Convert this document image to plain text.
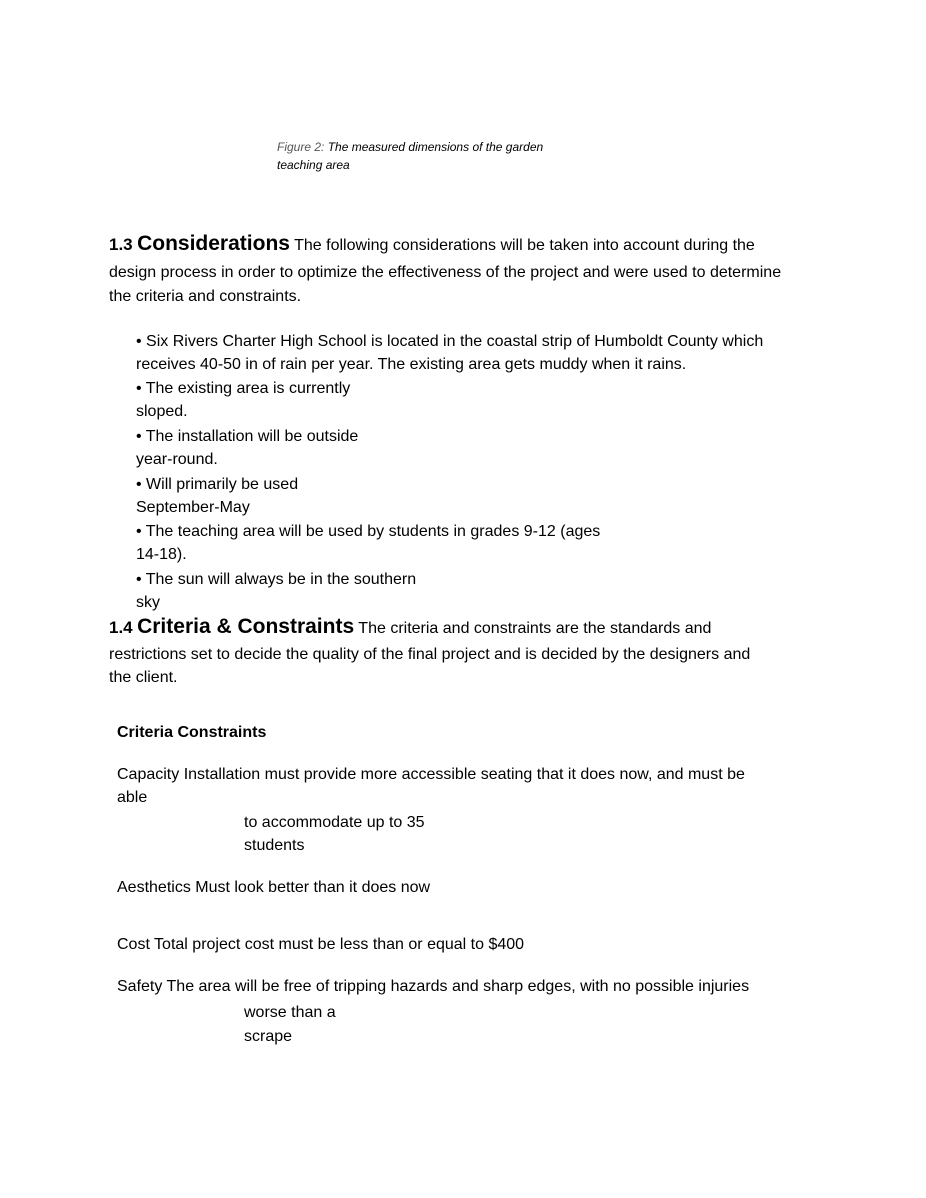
Figure 2: The measured dimensions of the garden
teaching area
1.3 Considerations The following considerations will be taken into account during the
design process in order to optimize the effectiveness of the project and were used to determine
the criteria and constraints.
• Six Rivers Charter High School is located in the coastal strip of Humboldt County which
receives 40-50 in of rain per year. The existing area gets muddy when it rains.
• The existing area is currently
sloped.
• The installation will be outside
year-round.
• Will primarily be used
September-May
• The teaching area will be used by students in grades 9-12 (ages
14-18).
• The sun will always be in the southern
sky
1.4 Criteria & Constraints The criteria and constraints are the standards and
restrictions set to decide the quality of the final project and is decided by the designers and
the client.
Criteria Constraints
Capacity Installation must provide more accessible seating that it does now, and must be
able
to accommodate up to 35
students
Aesthetics Must look better than it does now
Cost Total project cost must be less than or equal to $400
Safety The area will be free of tripping hazards and sharp edges, with no possible injuries
worse than a
scrape
